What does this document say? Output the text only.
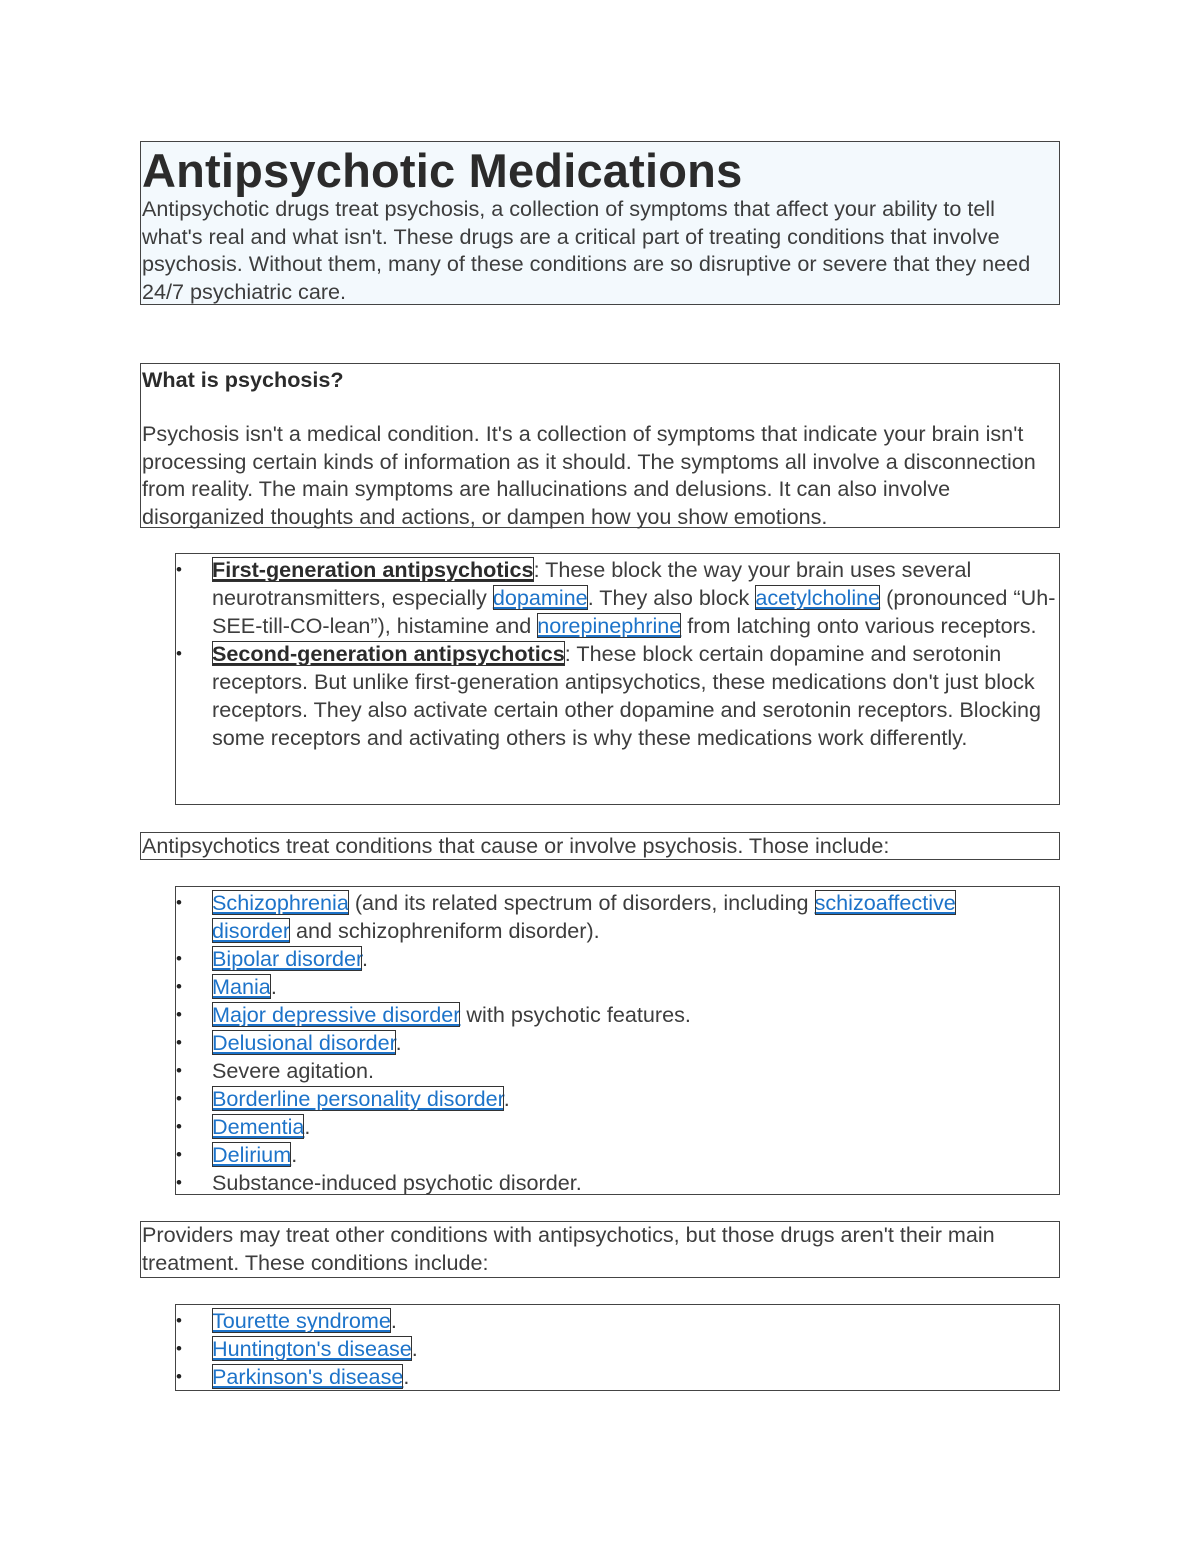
Antipsychotic Medications

Antipsychotic drugs treat psychosis, a collection of symptoms that affect your ability to tell what's real and what isn't. These drugs are a critical part of treating conditions that involve psychosis. Without them, many of these conditions are so disruptive or severe that they need 24/7 psychiatric care.

What is psychosis?

Psychosis isn't a medical condition. It's a collection of symptoms that indicate your brain isn't processing certain kinds of information as it should. The symptoms all involve a disconnection from reality. The main symptoms are hallucinations and delusions. It can also involve disorganized thoughts and actions, or dampen how you show emotions.

• First-generation antipsychotics: These block the way your brain uses several neurotransmitters, especially dopamine. They also block acetylcholine (pronounced “Uh-SEE-till-CO-lean”), histamine and norepinephrine from latching onto various receptors.
• Second-generation antipsychotics: These block certain dopamine and serotonin receptors. But unlike first-generation antipsychotics, these medications don't just block receptors. They also activate certain other dopamine and serotonin receptors. Blocking some receptors and activating others is why these medications work differently.

Antipsychotics treat conditions that cause or involve psychosis. Those include:

• Schizophrenia (and its related spectrum of disorders, including schizoaffective
disorder and schizophreniform disorder).
• Bipolar disorder.
• Mania.
• Major depressive disorder with psychotic features.
• Delusional disorder.
• Severe agitation.
• Borderline personality disorder.
• Dementia.
• Delirium.
• Substance-induced psychotic disorder.

Providers may treat other conditions with antipsychotics, but those drugs aren't their main treatment. These conditions include:

• Tourette syndrome.
• Huntington's disease.
• Parkinson's disease.
